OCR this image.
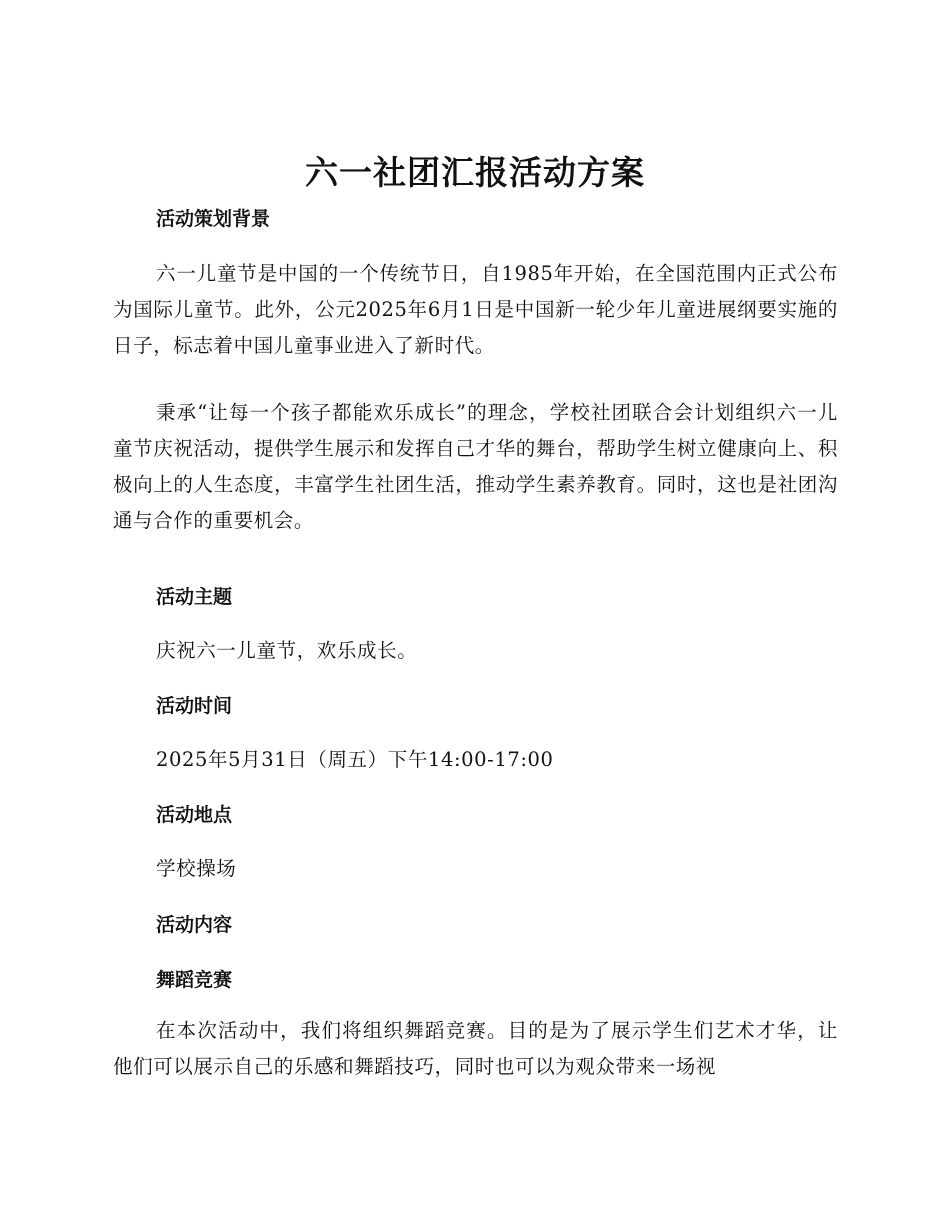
六一社团汇报活动方案
活动策划背景
六一儿童节是中国的一个传统节日，自1985年开始，在全国范围内正式公布为国际儿童节。此外，公元2025年6月1日是中国新一轮少年儿童进展纲要实施的日子，标志着中国儿童事业进入了新时代。
秉承“让每一个孩子都能欢乐成长”的理念，学校社团联合会计划组织六一儿童节庆祝活动，提供学生展示和发挥自己才华的舞台，帮助学生树立健康向上、积极向上的人生态度，丰富学生社团生活，推动学生素养教育。同时，这也是社团沟通与合作的重要机会。
活动主题
庆祝六一儿童节，欢乐成长。
活动时间
2025年5月31日（周五）下午14:00-17:00
活动地点
学校操场
活动内容
舞蹈竞赛
在本次活动中，我们将组织舞蹈竞赛。目的是为了展示学生们艺术才华，让他们可以展示自己的乐感和舞蹈技巧，同时也可以为观众带来一场视
